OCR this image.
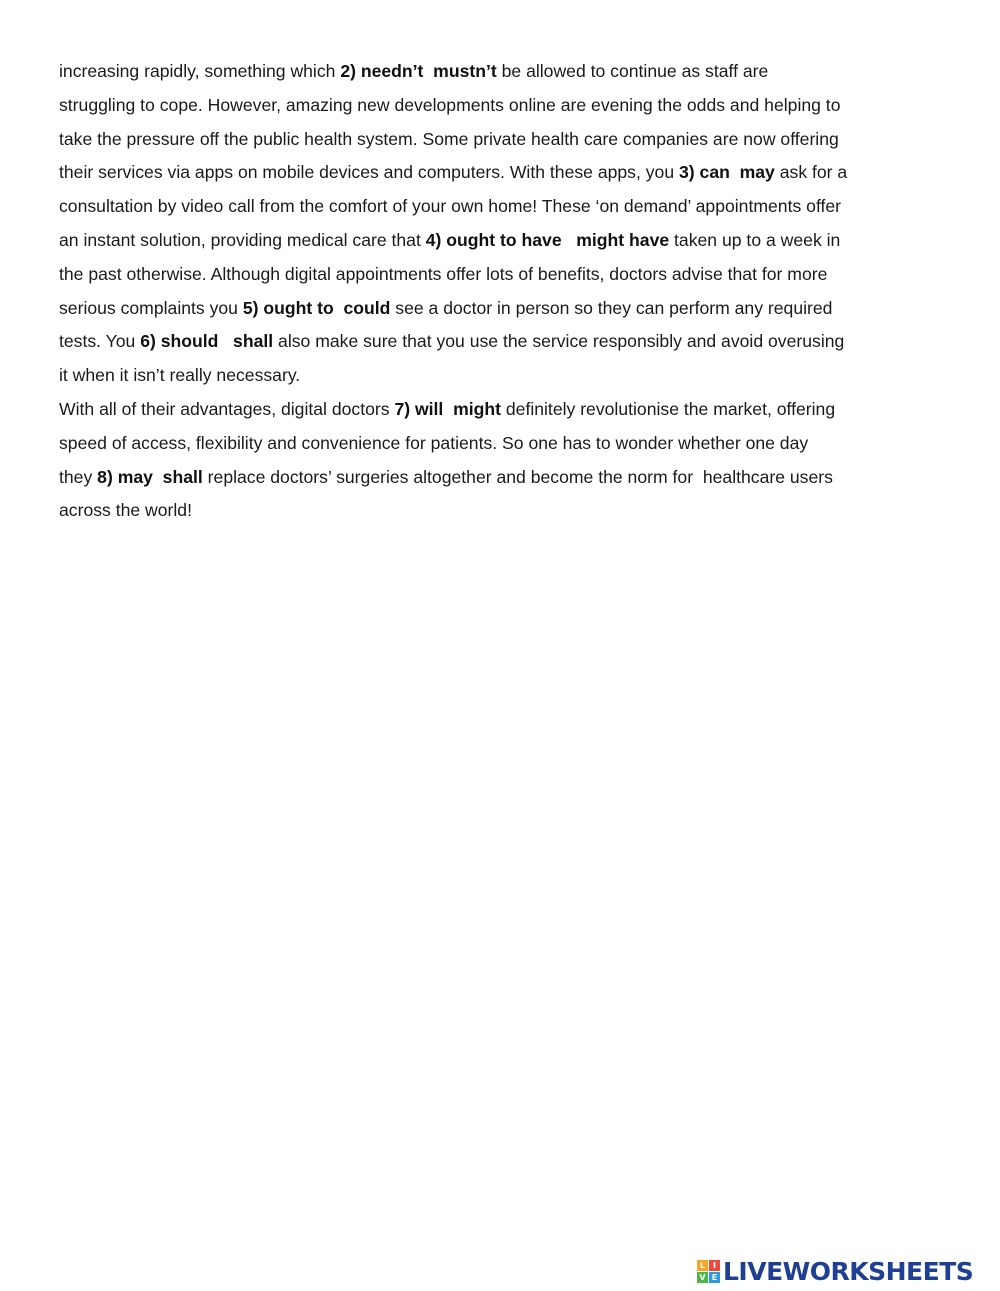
increasing rapidly, something which 2) needn’t  mustn’t be allowed to continue as staff are
struggling to cope. However, amazing new developments online are evening the odds and helping to
take the pressure off the public health system. Some private health care companies are now offering
their services via apps on mobile devices and computers. With these apps, you 3) can  may ask for a
consultation by video call from the comfort of your own home! These ‘on demand’ appointments offer
an instant solution, providing medical care that 4) ought to have   might have taken up to a week in
the past otherwise. Although digital appointments offer lots of benefits, doctors advise that for more
serious complaints you 5) ought to  could see a doctor in person so they can perform any required
tests. You 6) should   shall also make sure that you use the service responsibly and avoid overusing
it when it isn’t really necessary.
With all of their advantages, digital doctors 7) will  might definitely revolutionise the market, offering
speed of access, flexibility and convenience for patients. So one has to wonder whether one day
they 8) may  shall replace doctors’ surgeries altogether and become the norm for  healthcare users
across the world!
L I
V E LIVEWORKSHEETS
